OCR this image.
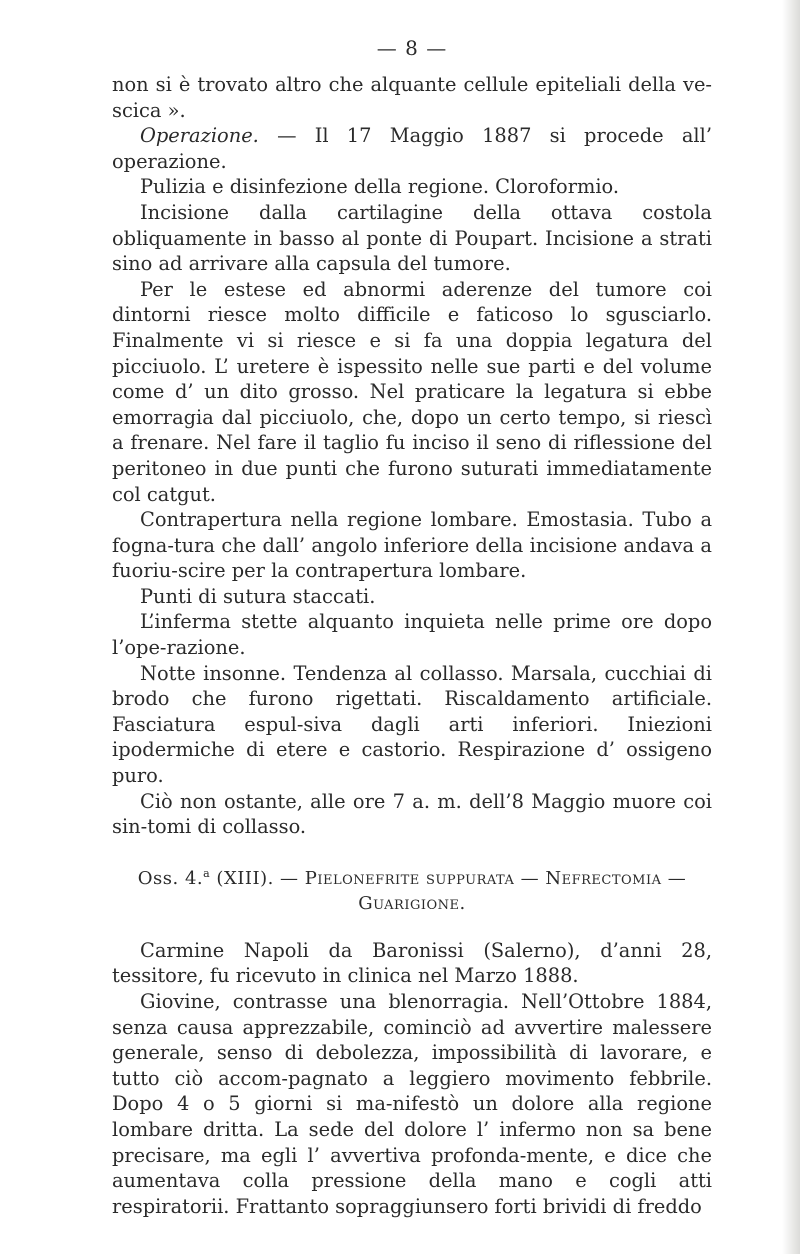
— 8 —

non si è trovato altro che alquante cellule epiteliali della ve-scica ».

Operazione. — Il 17 Maggio 1887 si procede all’ operazione.

Pulizia e disinfezione della regione. Cloroformio.

Incisione dalla cartilagine della ottava costola obliquamente in basso al ponte di Poupart. Incisione a strati sino ad arrivare alla capsula del tumore.

Per le estese ed abnormi aderenze del tumore coi dintorni riesce molto difficile e faticoso lo sgusciarlo. Finalmente vi si riesce e si fa una doppia legatura del picciuolo. L’ uretere è ispessito nelle sue parti e del volume come d’ un dito grosso. Nel praticare la legatura si ebbe emorragia dal picciuolo, che, dopo un certo tempo, si riescì a frenare. Nel fare il taglio fu inciso il seno di riflessione del peritoneo in due punti che furono suturati immediatamente col catgut.

Contrapertura nella regione lombare. Emostasia. Tubo a fogna-tura che dall’ angolo inferiore della incisione andava a fuoriu-scire per la contrapertura lombare.

Punti di sutura staccati.

L’inferma stette alquanto inquieta nelle prime ore dopo l’ope-razione.

Notte insonne. Tendenza al collasso. Marsala, cucchiai di brodo che furono rigettati. Riscaldamento artificiale. Fasciatura espul-siva dagli arti inferiori. Iniezioni ipodermiche di etere e castorio. Respirazione d’ ossigeno puro.

Ciò non ostante, alle ore 7 a. m. dell’8 Maggio muore coi sin-tomi di collasso.

Oss. 4.$^a$ (XIII). — Pielonefrite suppurata — Nefrectomia —
Guarigione.

Carmine Napoli da Baronissi (Salerno), d’anni 28, tessitore, fu ricevuto in clinica nel Marzo 1888.

Giovine, contrasse una blenorragia. Nell’Ottobre 1884, senza causa apprezzabile, cominciò ad avvertire malessere generale, senso di debolezza, impossibilità di lavorare, e tutto ciò accom-pagnato a leggiero movimento febbrile. Dopo 4 o 5 giorni si ma-nifestò un dolore alla regione lombare dritta. La sede del dolore l’ infermo non sa bene precisare, ma egli l’ avvertiva profonda-mente, e dice che aumentava colla pressione della mano e cogli atti respiratorii. Frattanto sopraggiunsero forti brividi di freddo
